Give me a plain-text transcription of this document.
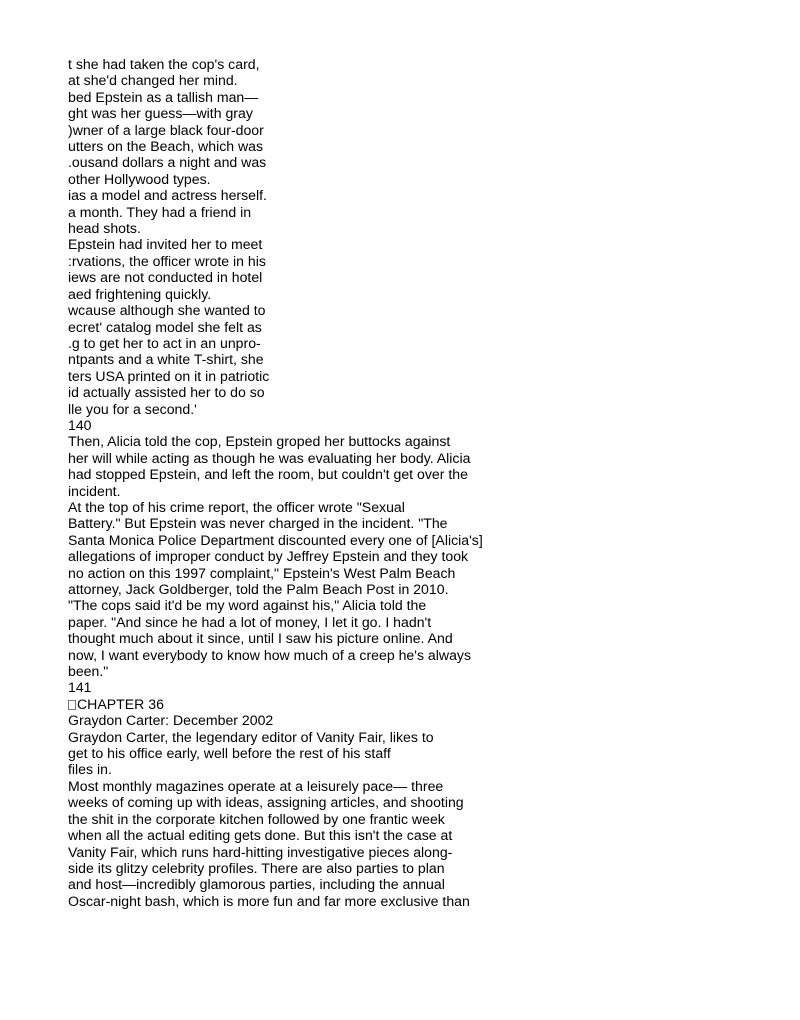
t she had taken the cop's card,
at she'd changed her mind.
bed Epstein as a tallish man—
ght was her guess—with gray
)wner of a large black four-door
utters on the Beach, which was
.ousand dollars a night and was
other Hollywood types.
ias a model and actress herself.
a month. They had a friend in
head shots.
Epstein had invited her to meet
:rvations, the officer wrote in his
iews are not conducted in hotel
aed frightening quickly.
wcause although she wanted to
ecret' catalog model she felt as
.g to get her to act in an unpro-
ntpants and a white T-shirt, she
ters USA printed on it in patriotic
id actually assisted her to do so
lle you for a second.'
140
Then, Alicia told the cop, Epstein groped her buttocks against
her will while acting as though he was evaluating her body. Alicia
had stopped Epstein, and left the room, but couldn't get over the
incident.
At the top of his crime report, the officer wrote "Sexual
Battery." But Epstein was never charged in the incident. "The
Santa Monica Police Department discounted every one of [Alicia's]
allegations of improper conduct by Jeffrey Epstein and they took
no action on this 1997 complaint," Epstein's West Palm Beach
attorney, Jack Goldberger, told the Palm Beach Post in 2010.
"The cops said it'd be my word against his," Alicia told the
paper. "And since he had a lot of money, I let it go. I hadn't
thought much about it since, until I saw his picture online. And
now, I want everybody to know how much of a creep he's always
been."
141
CHAPTER 36
Graydon Carter: December 2002
Graydon Carter, the legendary editor of Vanity Fair, likes to
get to his office early, well before the rest of his staff
files in.
Most monthly magazines operate at a leisurely pace— three
weeks of coming up with ideas, assigning articles, and shooting
the shit in the corporate kitchen followed by one frantic week
when all the actual editing gets done. But this isn't the case at
Vanity Fair, which runs hard-hitting investigative pieces along-
side its glitzy celebrity profiles. There are also parties to plan
and host—incredibly glamorous parties, including the annual
Oscar-night bash, which is more fun and far more exclusive than
